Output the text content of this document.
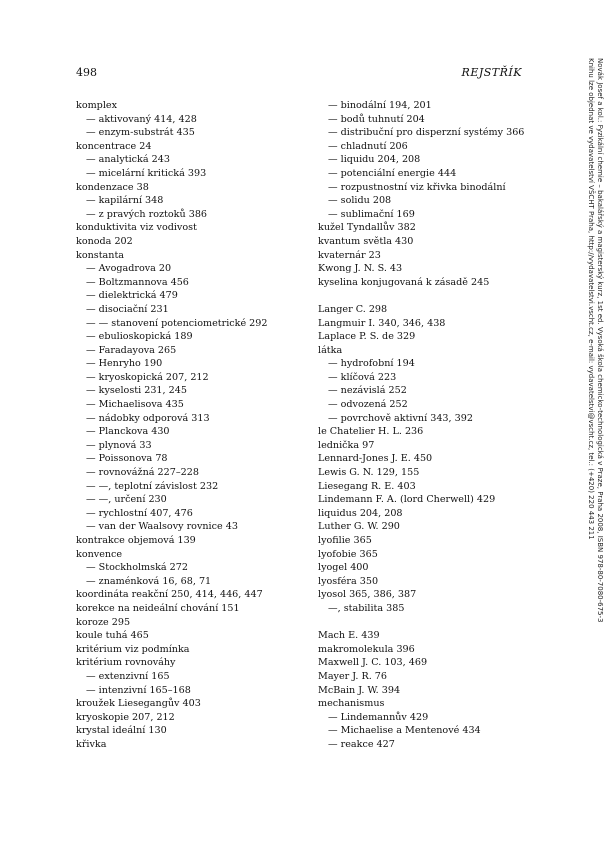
498	REJSTŘÍK
komplex
— aktivovaný 414, 428
— enzym-substrát 435
koncentrace 24
— analytická 243
— micelární kritická 393
kondenzace 38
— kapilární 348
— z pravých roztoků 386
konduktivita viz vodivost
konoda 202
konstanta
— Avogadrova 20
— Boltzmannova 456
— dielektrická 479
— disociační 231
— — stanovení potenciometrické 292
— ebulioskopická 189
— Faradayova 265
— Henryho 190
— kryoskopická 207, 212
— kyselosti 231, 245
— Michaelisova 435
— nádobky odporová 313
— Planckova 430
— plynová 33
— Poissonova 78
— rovnovážná 227–228
— —, teplotní závislost 232
— —, určení 230
— rychlostní 407, 476
— van der Waalsovy rovnice 43
kontrakce objemová 139
konvence
— Stockholmská 272
— znaménková 16, 68, 71
koordináta reakční 250, 414, 446, 447
korekce na neideální chování 151
koroze 295
koule tuhá 465
kritérium viz podmínka
kritérium rovnováhy
— extenzivní 165
— intenzivní 165–168
kroužek Liesegangův 403
kryoskopie 207, 212
krystal ideální 130
křivka
— binodální 194, 201
— bodů tuhnutí 204
— distribuční pro disperzní systémy 366
— chladnutí 206
— liquidu 204, 208
— potenciální energie 444
— rozpustnostní viz křivka binodální
— solidu 208
— sublimační 169
kužel Tyndallův 382
kvantum světla 430
kvaternár 23
Kwong J. N. S. 43
kyselina konjugovaná k zásadě 245
Langer C. 298
Langmuir I. 340, 346, 438
Laplace P. S. de 329
látka
— hydrofobní 194
— klíčová 223
— nezávislá 252
— odvozená 252
— povrchově aktivní 343, 392
le Chatelier H. L. 236
lednička 97
Lennard-Jones J. E. 450
Lewis G. N. 129, 155
Liesegang R. E. 403
Lindemann F. A. (lord Cherwell) 429
liquidus 204, 208
Luther G. W. 290
lyofilie 365
lyofobie 365
lyogel 400
lyosféra 350
lyosol 365, 386, 387
—, stabilita 385
Mach E. 439
makromolekula 396
Maxwell J. C. 103, 469
Mayer J. R. 76
McBain J. W. 394
mechanismus
— Lindemannův 429
— Michaelise a Mentenové 434
— reakce 427
Novák Josef a kol.: Fyzikální chemie – bakalářský a magisterský kurz, 1st ed. Vysoká škola chemicko-technologická v Praze, Praha 2008, ISBN 978-80-7080-675-3
Knihu lze objednat ve vydavatelství VŠCHT Praha, http://vydavatelstvi.vscht.cz, e-mail: vydavatelstvi@vscht.cz, tel.: (+420) 220 443 211
